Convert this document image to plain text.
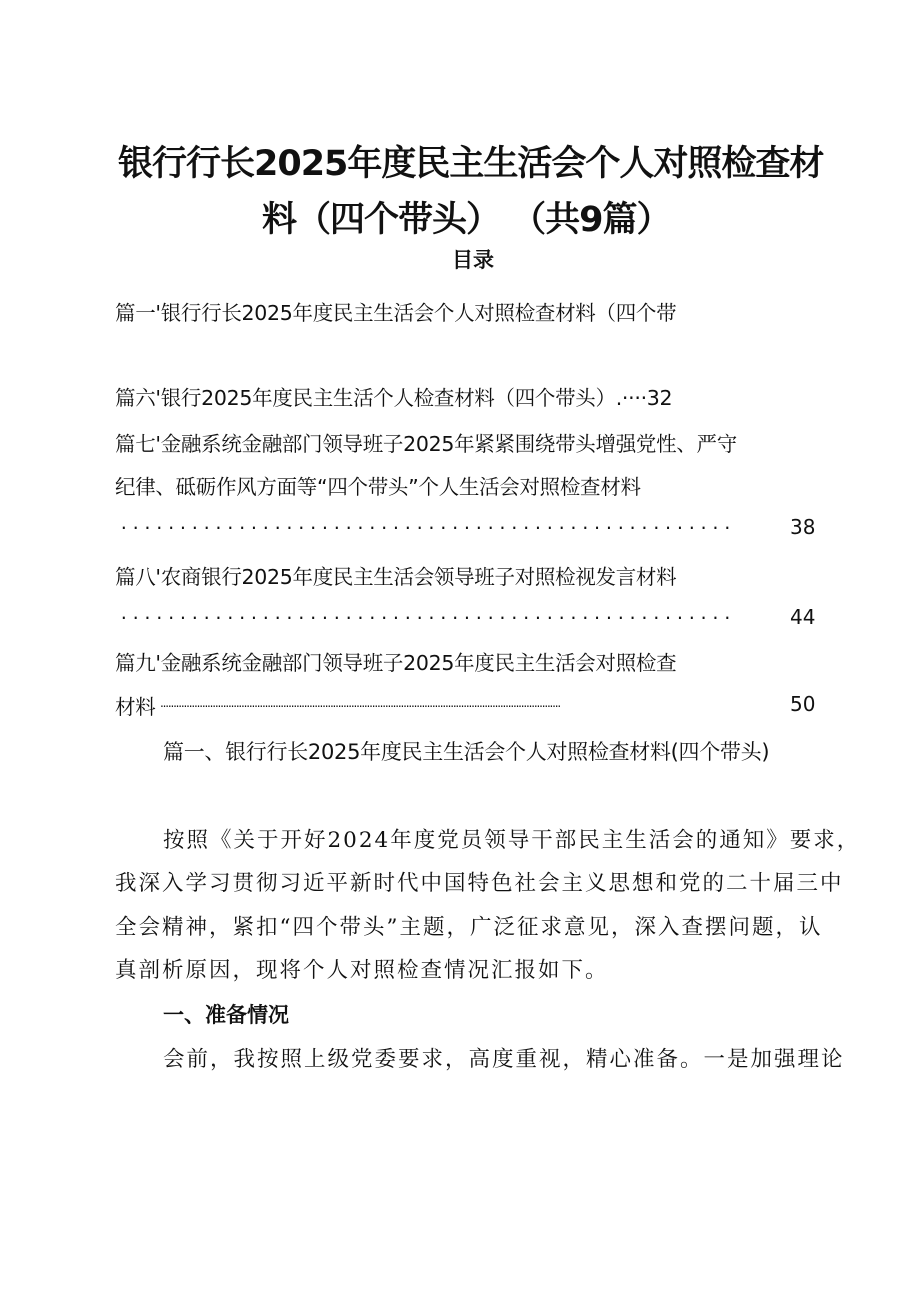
银行行长2025年度民主生活会个人对照检查材
料（四个带头） （共9篇）
目录
篇一'银行行长2025年度民主生活会个人对照检查材料（四个带
篇六'银行2025年度民主生活个人检查材料（四个带头）.····32
篇七'金融系统金融部门领导班子2025年紧紧围绕带头增强党性、严守
纪律、砥砺作风方面等“四个带头”个人生活会对照检查材料
....................................................	38
篇八'农商银行2025年度民主生活会领导班子对照检视发言材料
....................................................	44
篇九'金融系统金融部门领导班子2025年度民主生活会对照检查
材料 .........................................................................................................................................................	50
篇一、银行行长2025年度民主生活会个人对照检查材料(四个带头)
按照《关于开好2024年度党员领导干部民主生活会的通知》要求，
我深入学习贯彻习近平新时代中国特色社会主义思想和党的二十届三中
全会精神，紧扣“四个带头”主题，广泛征求意见，深入查摆问题，认
真剖析原因，现将个人对照检查情况汇报如下。
一、准备情况
会前，我按照上级党委要求，高度重视，精心准备。一是加强理论
